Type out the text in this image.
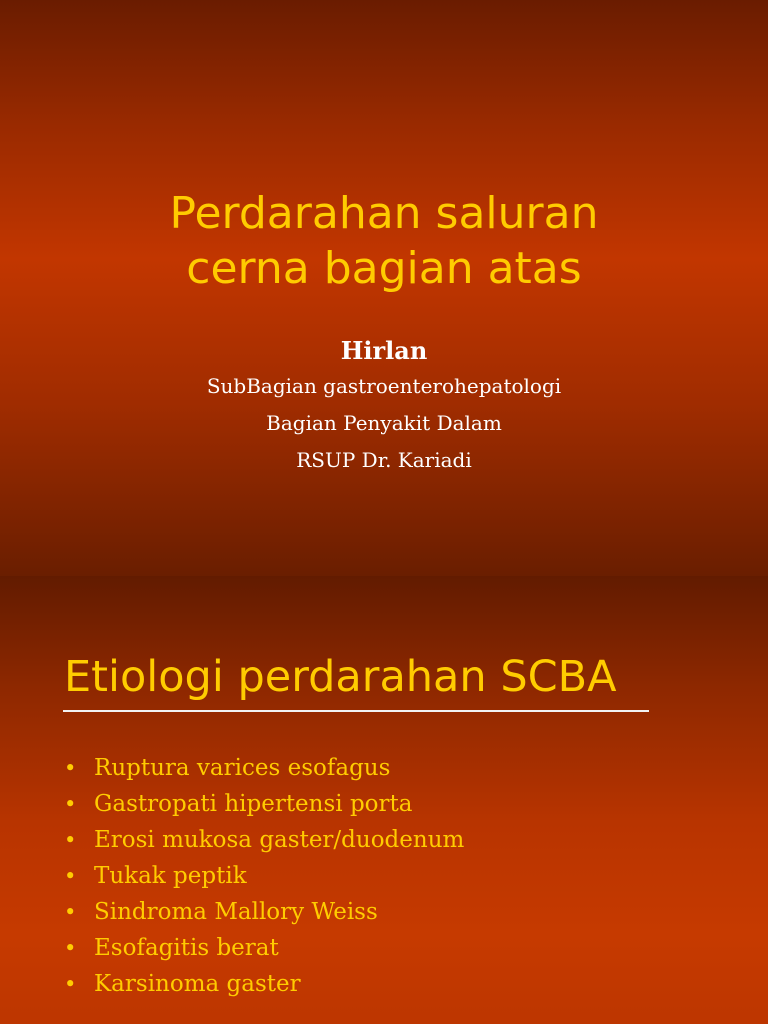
Perdarahan saluran
cerna bagian atas
Hirlan
SubBagian gastroenterohepatologi
Bagian Penyakit Dalam
RSUP Dr. Kariadi
Etiologi perdarahan SCBA
• Ruptura varices esofagus
• Gastropati hipertensi porta
• Erosi mukosa gaster/duodenum
• Tukak peptik
• Sindroma Mallory Weiss
• Esofagitis berat
• Karsinoma gaster
